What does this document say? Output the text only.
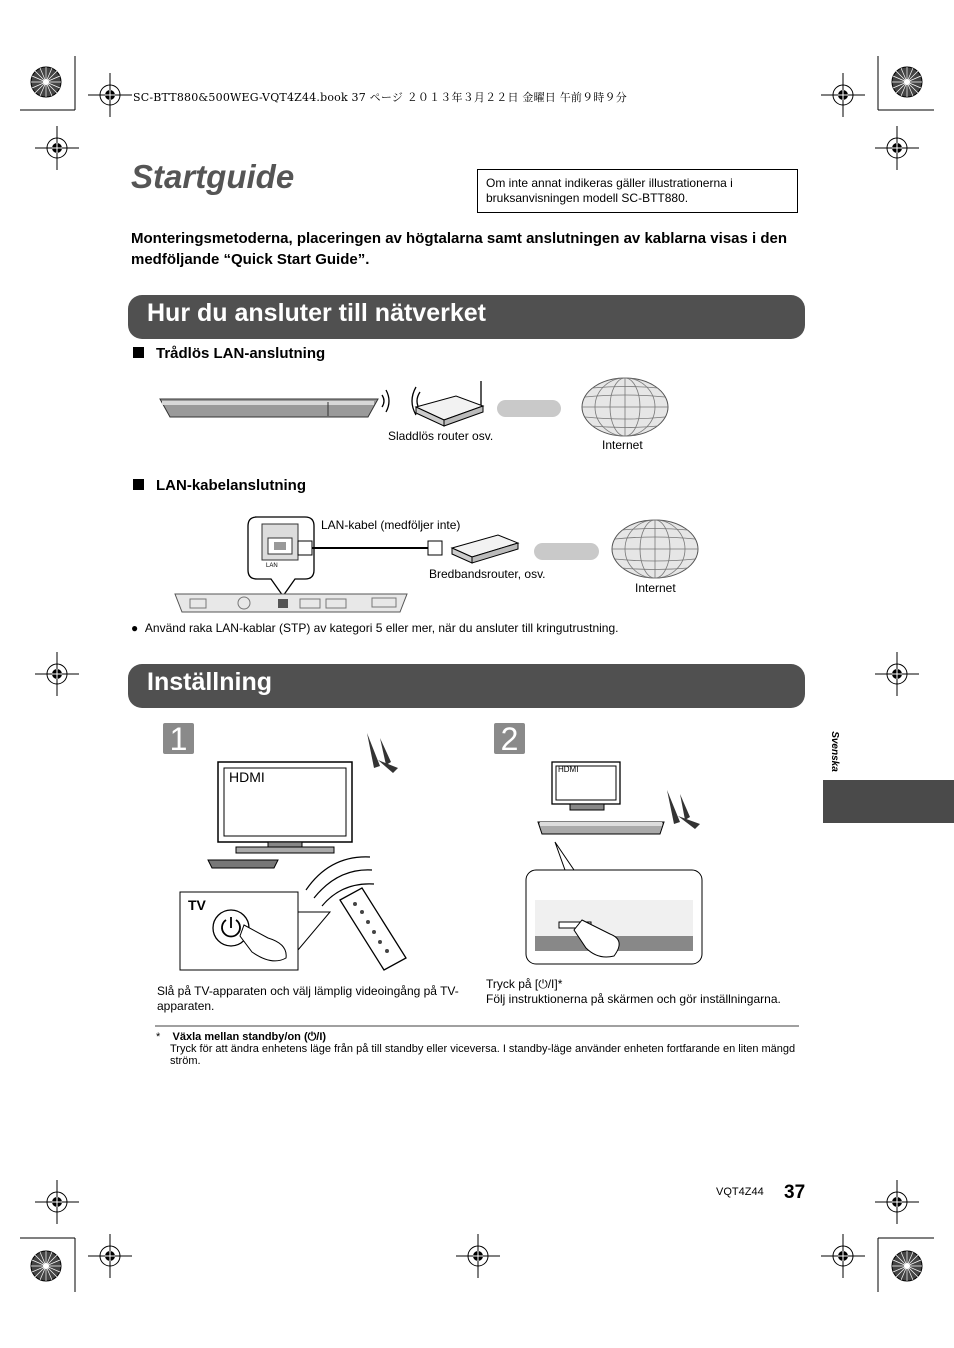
SC-BTT880&500WEG-VQT4Z44.book 37 ページ ２０１３年３月２２日 金曜日 午前９時９分
Startguide	Om inte annat indikeras gäller illustrationerna i bruksanvisningen modell SC-BTT880.
Monteringsmetoderna, placeringen av högtalarna samt anslutningen av kablarna visas i den medföljande “Quick Start Guide”.
Hur du ansluter till nätverket
Trådlös LAN-anslutning
Sladdlös router osv.
Internet
LAN-kabelanslutning
LAN-kabel (medföljer inte)
Bredbandsrouter, osv.
Internet
LAN
● Använd raka LAN-kablar (STP) av kategori 5 eller mer, när du ansluter till kringutrustning.
Inställning
1	2
HDMI
TV
HDMI
Slå på TV-apparaten och välj lämplig videoingång på TV-apparaten.
Tryck på [⏻/I]*
Följ instruktionerna på skärmen och gör inställningarna.
* Växla mellan standby/on (⏻/I)
Tryck för att ändra enhetens läge från på till standby eller viceversa. I standby-läge använder enheten fortfarande en liten mängd ström.
Svenska
VQT4Z44 37
